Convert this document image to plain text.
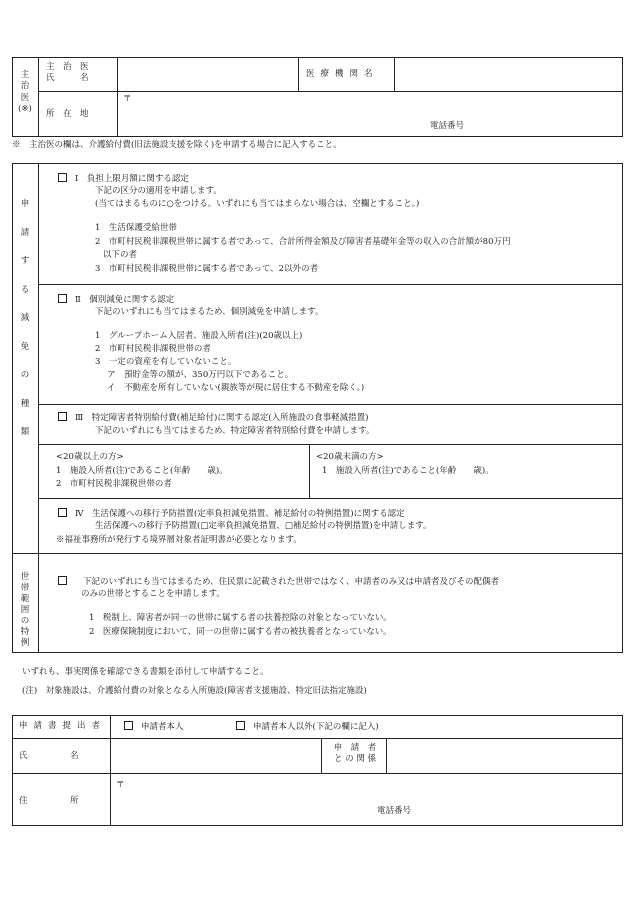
主
治
医
(※)
主　治　医
氏　　　名	医療機関名
所　在　地
〒
電話番号
※　主治医の欄は、介護給付費(旧法施設支援を除く)を申請する場合に記入すること。
申
請
す
る
減
免
の
種
類
Ⅰ　負担上限月額に関する認定
下記の区分の適用を申請します。
(当てはまるものに○をつける。いずれにも当てはまらない場合は、空欄とすること。)
1　生活保護受給世帯
2　市町村民税非課税世帯に属する者であって、合計所得金額及び障害者基礎年金等の収入の合計額が80万円
以下の者
3　市町村民税非課税世帯に属する者であって、2以外の者
Ⅱ　個別減免に関する認定
下記のいずれにも当てはまるため、個別減免を申請します。
1　グループホーム入居者、施設入所者(注)(20歳以上)
2　市町村民税非課税世帯の者
3　一定の資産を有していないこと。
ア　預貯金等の額が、350万円以下であること。
イ　不動産を所有していない(親族等が現に居住する不動産を除く。)
Ⅲ　特定障害者特別給付費(補足給付)に関する認定(入所施設の食事軽減措置)
下記のいずれにも当てはまるため、特定障害者特別給付費を申請します。
<20歳以上の方>
1　施設入所者(注)であること(年齢　　歳)。
2　市町村民税非課税世帯の者
<20歳未満の方>
1　施設入所者(注)であること(年齢　　歳)。
Ⅳ　生活保護への移行予防措置(定率負担減免措置、補足給付の特例措置)に関する認定
生活保護への移行予防措置(□定率負担減免措置、□補足給付の特例措置)を申請します。
※福祉事務所が発行する境界層対象者証明書が必要となります。
世
帯
範
囲
の
特
例
下記のいずれにも当てはまるため、住民票に記載された世帯ではなく、申請者のみ又は申請者及びその配偶者
のみの世帯とすることを申請します。
1　税制上、障害者が同一の世帯に属する者の扶養控除の対象となっていない。
2　医療保険制度において、同一の世帯に属する者の被扶養者となっていない。
いずれも、事実関係を確認できる書類を添付して申請すること。
(注)　対象施設は、介護給付費の対象となる入所施設(障害者支援施設、特定旧法指定施設)
申請書提出者	申請者本人	申請者本人以外(下記の欄に記入)
氏　　　　　名
申　請　者
と の 関 係
住　　　　　所
〒
電話番号
